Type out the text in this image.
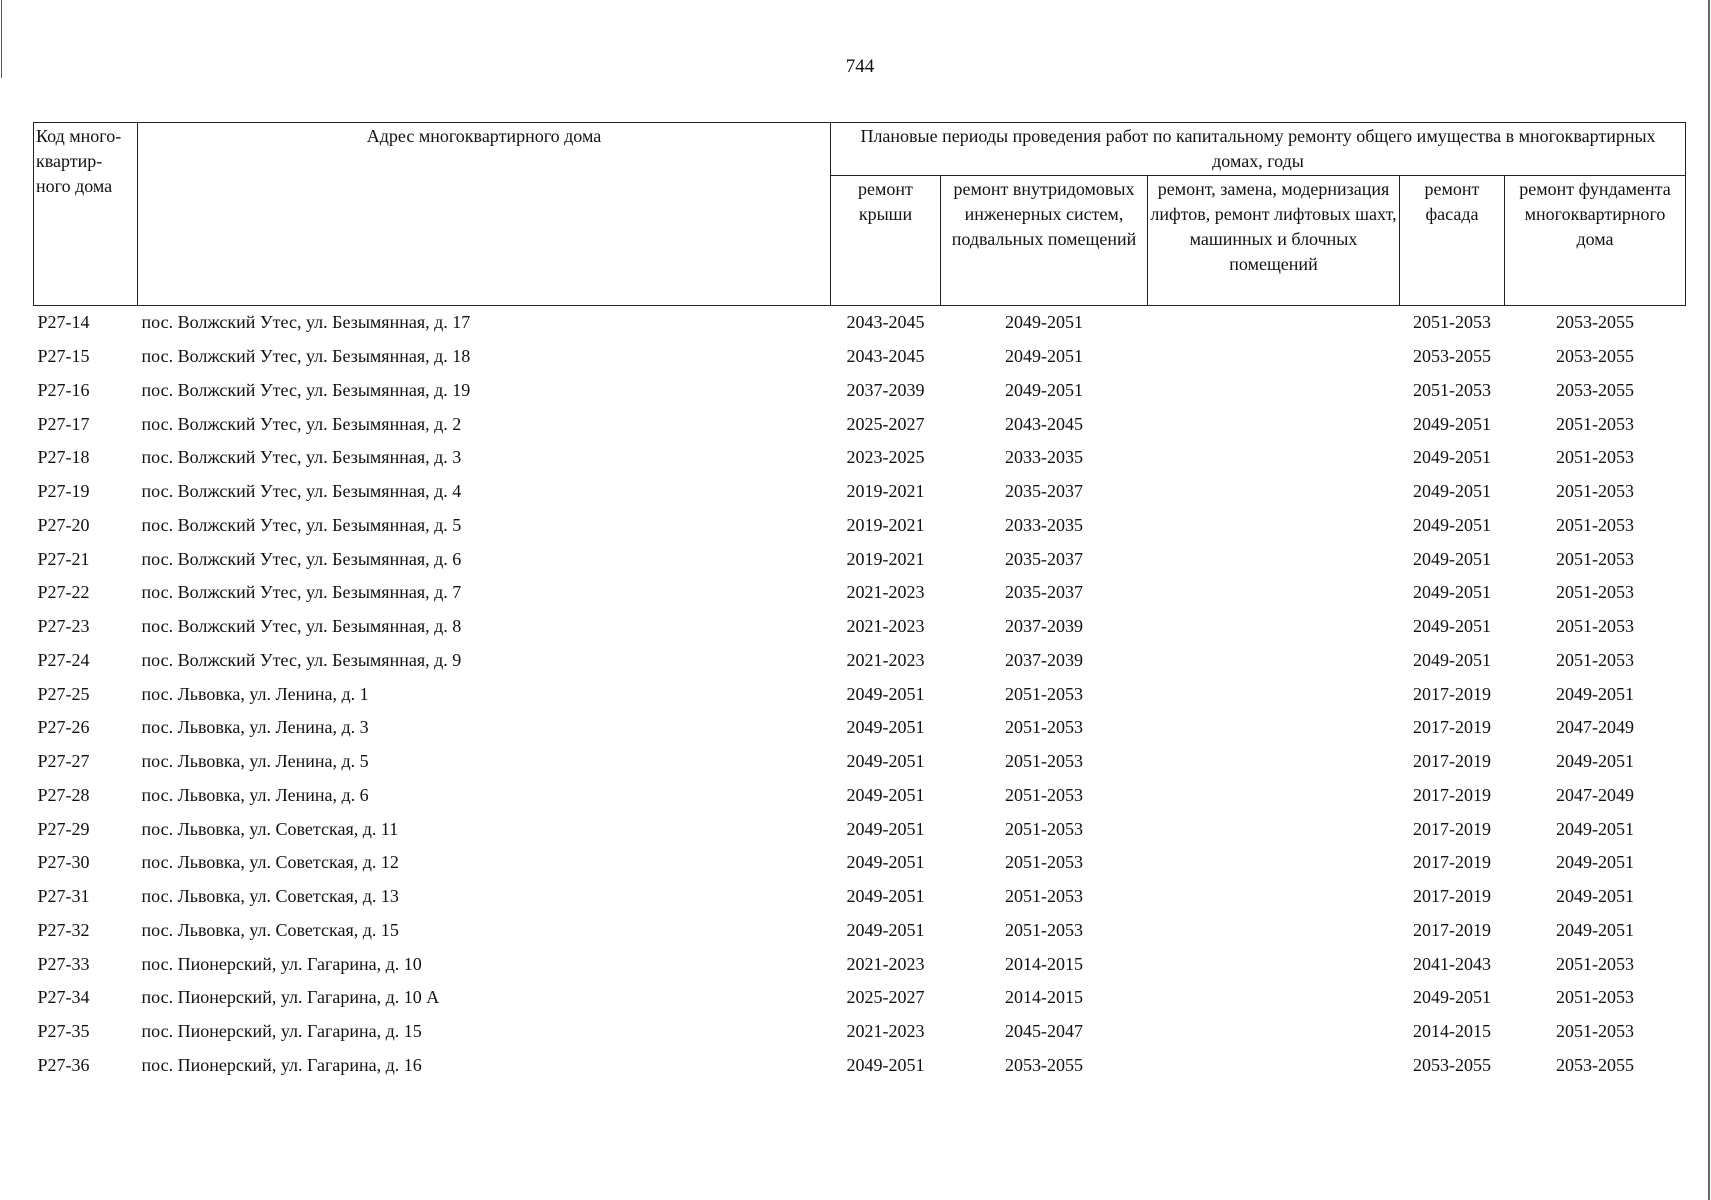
744
Код много-квартир-ного дома	Адрес многоквартирного дома	Плановые периоды проведения работ по капитальному ремонту общего имущества в многоквартирных домах, годы				
		ремонт крыши	ремонт внутридомовых инженерных систем, подвальных помещений	ремонт, замена, модернизация лифтов, ремонт лифтовых шахт, машинных и блочных помещений	ремонт фасада	ремонт фундамента многоквартирного дома
Р27-14	пос. Волжский Утес, ул. Безымянная, д. 17	2043-2045	2049-2051		2051-2053	2053-2055
Р27-15	пос. Волжский Утес, ул. Безымянная, д. 18	2043-2045	2049-2051		2053-2055	2053-2055
Р27-16	пос. Волжский Утес, ул. Безымянная, д. 19	2037-2039	2049-2051		2051-2053	2053-2055
Р27-17	пос. Волжский Утес, ул. Безымянная, д. 2	2025-2027	2043-2045		2049-2051	2051-2053
Р27-18	пос. Волжский Утес, ул. Безымянная, д. 3	2023-2025	2033-2035		2049-2051	2051-2053
Р27-19	пос. Волжский Утес, ул. Безымянная, д. 4	2019-2021	2035-2037		2049-2051	2051-2053
Р27-20	пос. Волжский Утес, ул. Безымянная, д. 5	2019-2021	2033-2035		2049-2051	2051-2053
Р27-21	пос. Волжский Утес, ул. Безымянная, д. 6	2019-2021	2035-2037		2049-2051	2051-2053
Р27-22	пос. Волжский Утес, ул. Безымянная, д. 7	2021-2023	2035-2037		2049-2051	2051-2053
Р27-23	пос. Волжский Утес, ул. Безымянная, д. 8	2021-2023	2037-2039		2049-2051	2051-2053
Р27-24	пос. Волжский Утес, ул. Безымянная, д. 9	2021-2023	2037-2039		2049-2051	2051-2053
Р27-25	пос. Львовка, ул. Ленина, д. 1	2049-2051	2051-2053		2017-2019	2049-2051
Р27-26	пос. Львовка, ул. Ленина, д. 3	2049-2051	2051-2053		2017-2019	2047-2049
Р27-27	пос. Львовка, ул. Ленина, д. 5	2049-2051	2051-2053		2017-2019	2049-2051
Р27-28	пос. Львовка, ул. Ленина, д. 6	2049-2051	2051-2053		2017-2019	2047-2049
Р27-29	пос. Львовка, ул. Советская, д. 11	2049-2051	2051-2053		2017-2019	2049-2051
Р27-30	пос. Львовка, ул. Советская, д. 12	2049-2051	2051-2053		2017-2019	2049-2051
Р27-31	пос. Львовка, ул. Советская, д. 13	2049-2051	2051-2053		2017-2019	2049-2051
Р27-32	пос. Львовка, ул. Советская, д. 15	2049-2051	2051-2053		2017-2019	2049-2051
Р27-33	пос. Пионерский, ул. Гагарина, д. 10	2021-2023	2014-2015		2041-2043	2051-2053
Р27-34	пос. Пионерский, ул. Гагарина, д. 10 А	2025-2027	2014-2015		2049-2051	2051-2053
Р27-35	пос. Пионерский, ул. Гагарина, д. 15	2021-2023	2045-2047		2014-2015	2051-2053
Р27-36	пос. Пионерский, ул. Гагарина, д. 16	2049-2051	2053-2055		2053-2055	2053-2055
